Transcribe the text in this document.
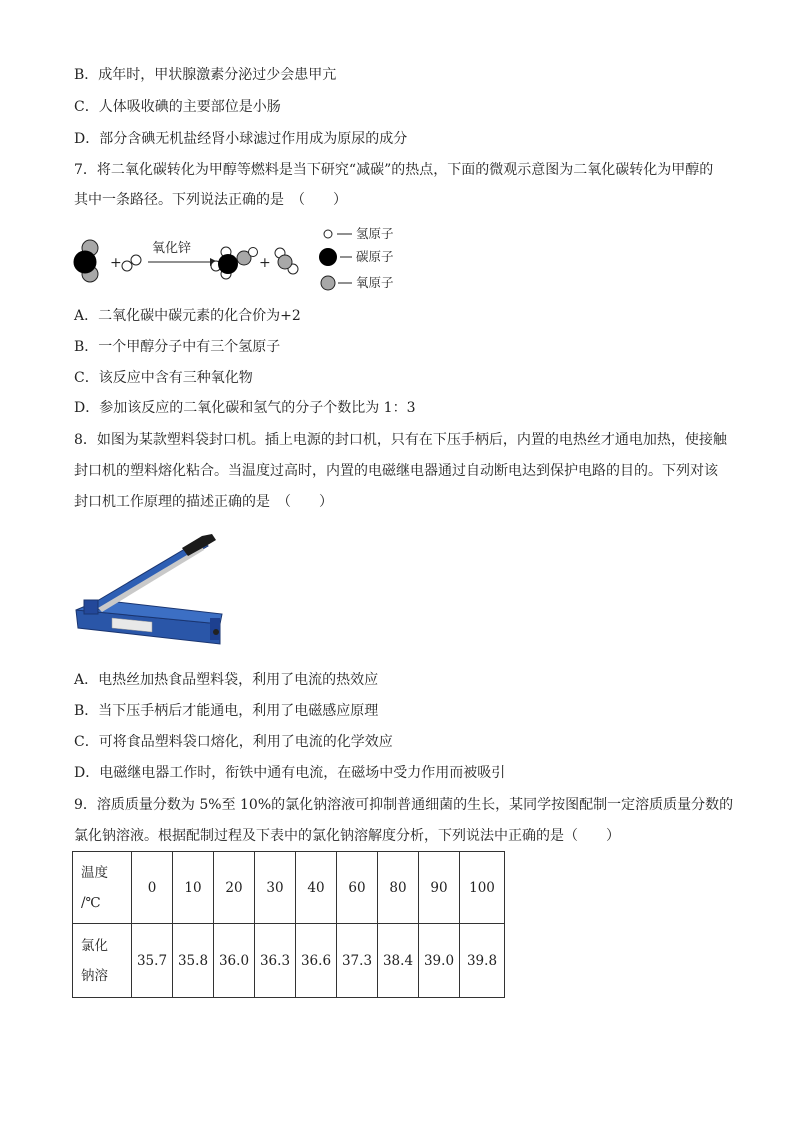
B．成年时，甲状腺激素分泌过少会患甲亢
C．人体吸收碘的主要部位是小肠
D．部分含碘无机盐经肾小球滤过作用成为原尿的成分
7．将二氧化碳转化为甲醇等燃料是当下研究“减碳”的热点，下面的微观示意图为二氧化碳转化为甲醇的
其中一条路径。下列说法正确的是　（　　）
+
氧化锌
+
氢原子
碳原子
氧原子
A．二氧化碳中碳元素的化合价为+2
B．一个甲醇分子中有三个氢原子
C．该反应中含有三种氧化物
D．参加该反应的二氧化碳和氢气的分子个数比为 1：3
8．如图为某款塑料袋封口机。插上电源的封口机，只有在下压手柄后，内置的电热丝才通电加热，使接触
封口机的塑料熔化粘合。当温度过高时，内置的电磁继电器通过自动断电达到保护电路的目的。下列对该
封口机工作原理的描述正确的是　（　　）
A．电热丝加热食品塑料袋，利用了电流的热效应
B．当下压手柄后才能通电，利用了电磁感应原理
C．可将食品塑料袋口熔化，利用了电流的化学效应
D．电磁继电器工作时，衔铁中通有电流，在磁场中受力作用而被吸引
9．溶质质量分数为 5%至 10%的氯化钠溶液可抑制普通细菌的生长，某同学按图配制一定溶质质量分数的
氯化钠溶液。根据配制过程及下表中的氯化钠溶解度分析，下列说法中正确的是（　　）
温度
/℃	0	10	20	30	40	60	80	90	100

氯化
钠溶	35.7	35.8	36.0	36.3	36.6	37.3	38.4	39.0	39.8
